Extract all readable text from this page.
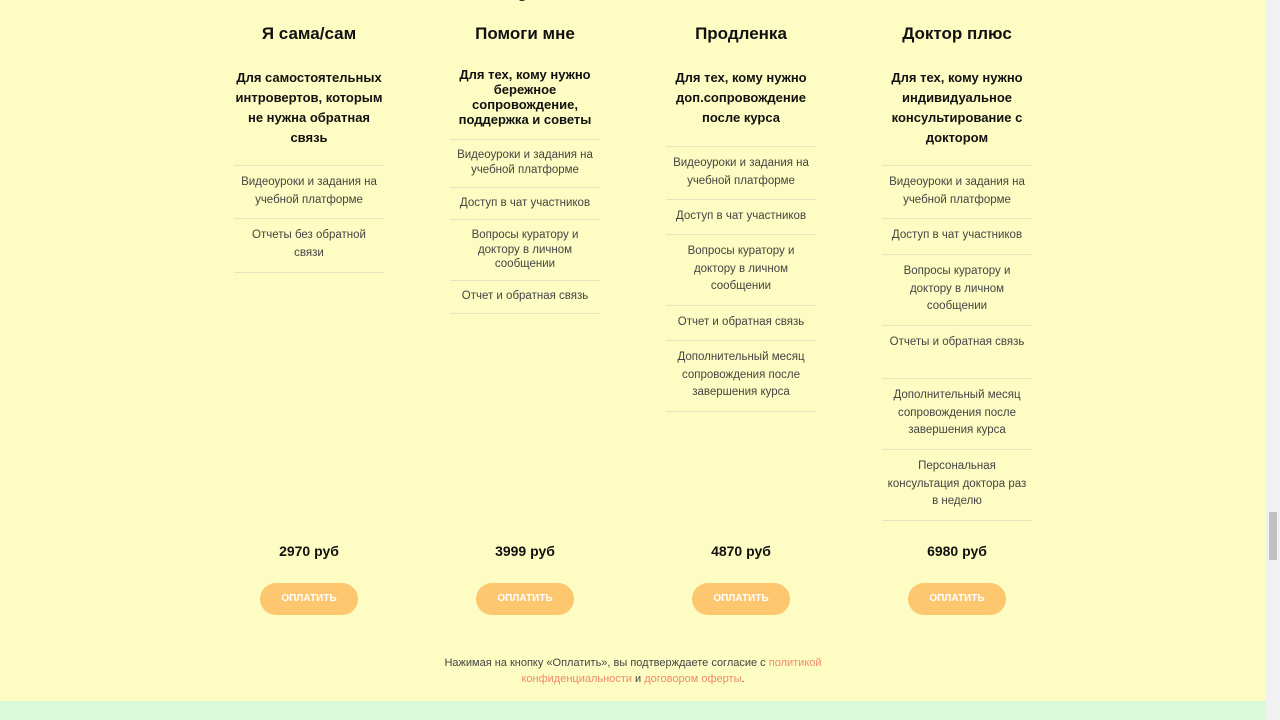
Я сама/сам
Для самостоятельных интровертов, которым не нужна обратная связь
Видеоуроки и задания на учебной платформе
Отчеты без обратной связи
2970 руб
ОПЛАТИТЬ
Помоги мне
Для тех, кому нужно бережное сопровождение, поддержка и советы
Видеоуроки и задания на учебной платформе
Доступ в чат участников
Вопросы куратору и доктору в личном сообщении
Отчет и обратная связь
3999 руб
ОПЛАТИТЬ
Продленка
Для тех, кому нужно доп.сопровождение после курса
Видеоуроки и задания на учебной платформе
Доступ в чат участников
Вопросы куратору и доктору в личном сообщении
Отчет и обратная связь
Дополнительный месяц сопровождения после завершения курса
4870 руб
ОПЛАТИТЬ
Доктор плюс
Для тех, кому нужно индивидуальное консультирование с доктором
Видеоуроки и задания на учебной платформе
Доступ в чат участников
Вопросы куратору и доктору в личном сообщении
Отчеты и обратная связь
Дополнительный месяц сопровождения после завершения курса
Персональная консультация доктора раз в неделю
6980 руб
ОПЛАТИТЬ
Нажимая на кнопку «Оплатить», вы подтверждаете согласие с политикой конфиденциальности и договором оферты.
